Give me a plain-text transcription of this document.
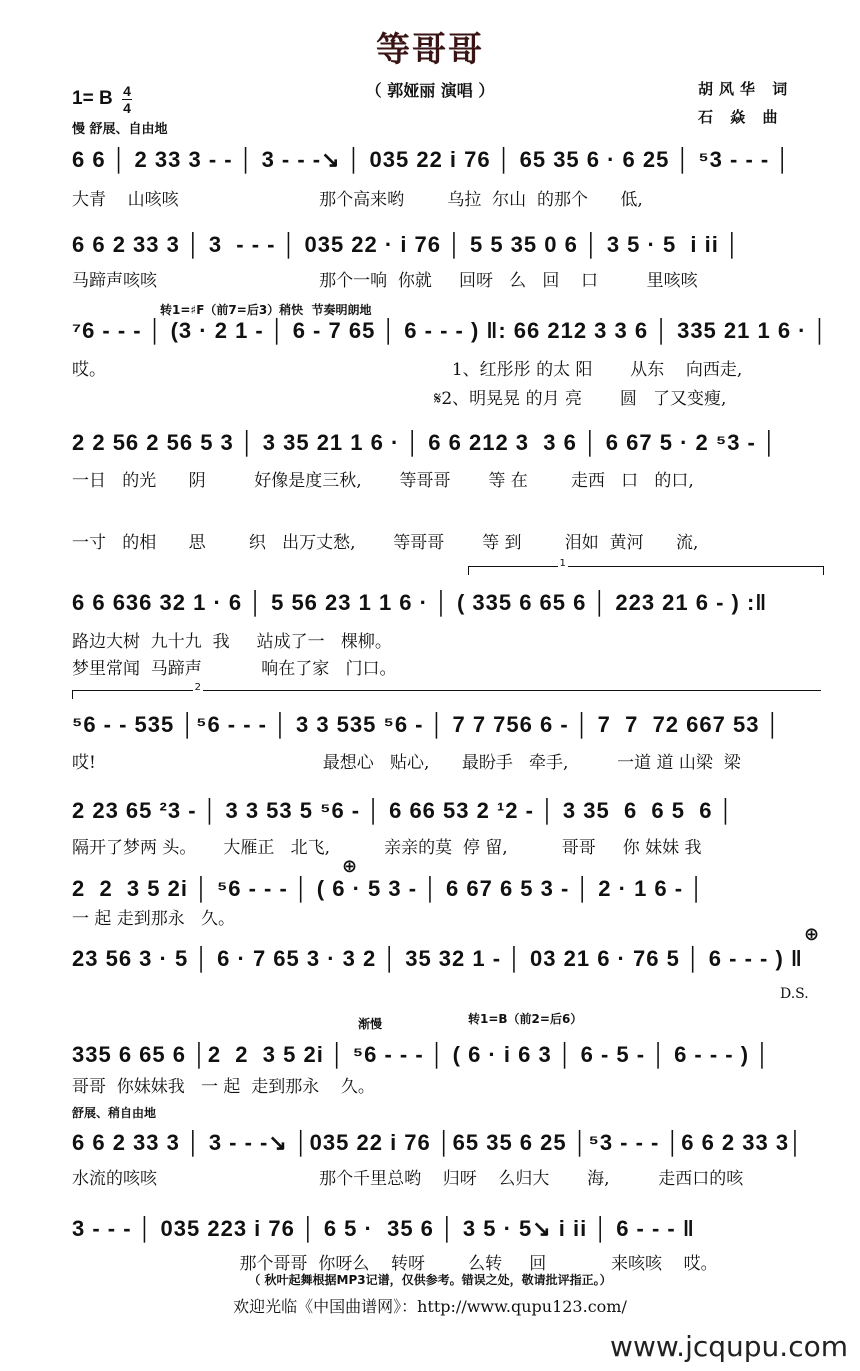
等哥哥
（ 郭娅丽 演唱 ）
1= B 4
4
慢 舒展、自由地
胡风华 词
石 焱 曲
6 6 │ 2 33 3 - - │ 3 - - -↘ │ 035 22 i 76 │ 65 35 6 · 6 25 │ ⁵3 - - - │
大青    山咳咳                          那个高来哟        乌拉  尔山  的那个      低,
6 6 2 33 3 │ 3  - - - │ 035 22 · i 76 │ 5 5 35 0 6 │ 3 5 · 5  i ii │
马蹄声咳咳                              那个一响  你就     回呀   么   回    口         里咳咳
⁷6 - - - │ (3 · 2 1 - │ 6 - 7 65 │ 6 - - - ) ‖: 66 212 3 3 6 │ 335 21 1 6 · │
转1=♯F（前7=后3）稍快  节奏明朗地
哎。                                                                1、红彤彤 的太 阳       从东    向西走,
𝄋2、明晃晃 的月 亮       圆   了又变瘦,
2 2 56 2 56 5 3 │ 3 35 21 1 6 · │ 6 6 212 3  3 6 │ 6 67 5 · 2 ⁵3 - │
一日   的光      阴         好像是度三秋,       等哥哥       等 在        走西   口   的口,
一寸   的相      思        织   出万丈愁,       等哥哥       等 到        泪如  黄河      流,
6 6 636 32 1 · 6 │ 5 56 23 1 1 6 · │ ( 335 6 65 6 │ 223 21 6 - ) :‖
路边大树  九十九  我     站成了一   棵柳。
梦里常闻  马蹄声           响在了家   门口。
⁵6 - - 535 │⁵6 - - - │ 3 3 535 ⁵6 - │ 7 7 756 6 - │ 7  7  72 667 53 │
哎!                                          最想心   贴心,      最盼手   牵手,         一道 道 山梁  梁
2 23 65 ²3 - │ 3 3 53 5 ⁵6 - │ 6 66 53 2 ¹2 - │ 3 35  6  6 5  6 │
隔开了梦两 头。     大雁正   北飞,          亲亲的莫  停 留,          哥哥     你 妹妹 我
2  2  3 5 2i │ ⁵6 - - - │ ( 6 · 5 3 - │ 6 67 6 5 3 - │ 2 · 1 6 - │
一 起 走到那永   久。
23 56 3 · 5 │ 6 · 7 65 3 · 3 2 │ 35 32 1 - │ 03 21 6 · 76 5 │ 6 - - - ) ‖
335 6 65 6 │2  2  3 5 2i │ ⁵6 - - - │ ( 6 · i 6 3 │ 6 - 5 - │ 6 - - - ) │
渐慢	转1=B（前2=后6）
哥哥  你妹妹我   一 起  走到那永    久。
6 6 2 33 3 │ 3 - - -↘ │035 22 i 76 │65 35 6 25 │⁵3 - - - │6 6 2 33 3│
舒展、稍自由地
水流的咳咳                              那个千里总哟    归呀    么归大       海,         走西口的咳
3 - - - │ 035 223 i 76 │ 6 5 ·  35 6 │ 3 5 · 5↘ i ii │ 6 - - - ‖
那个哥哥  你呀么    转呀        么转     回            来咳咳    哎。
1
2
⊕
⊕
D.S.
（ 秋叶起舞根据MP3记谱，仅供参考。错误之处，敬请批评指正。）
欢迎光临《中国曲谱网》：http://www.qupu123.com/
www.jcqupu.com
